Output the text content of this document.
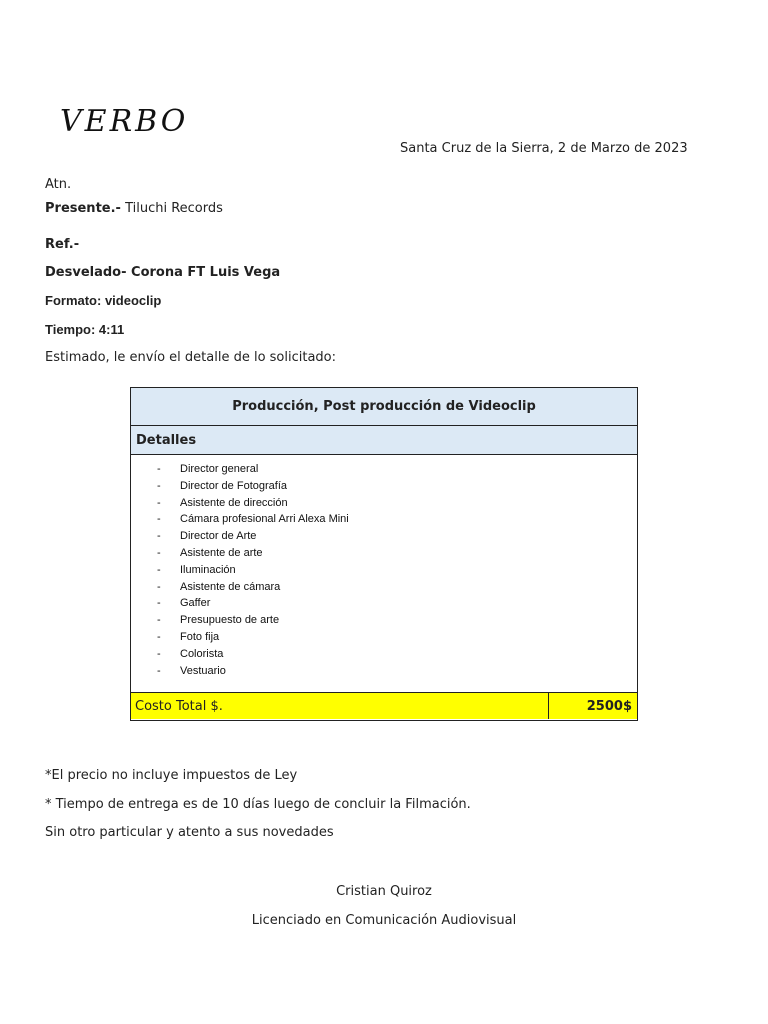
VERBO
Santa Cruz de la Sierra, 2 de Marzo de 2023
Atn.
Presente.- Tiluchi Records
Ref.-
Desvelado- Corona FT Luis Vega
Formato: videoclip
Tiempo: 4:11
Estimado, le envío el detalle de lo solicitado:
Producción, Post producción de Videoclip
Detalles
- Director general
- Director de Fotografía
- Asistente de dirección
- Cámara profesional Arri Alexa Mini
- Director de Arte
- Asistente de arte
- Iluminación
- Asistente de cámara
- Gaffer
- Presupuesto de arte
- Foto fija
- Colorista
- Vestuario
Costo Total $.	2500$
*El precio no incluye impuestos de Ley
* Tiempo de entrega es de 10 días luego de concluir la Filmación.
Sin otro particular y atento a sus novedades
Cristian Quiroz
Licenciado en Comunicación Audiovisual
